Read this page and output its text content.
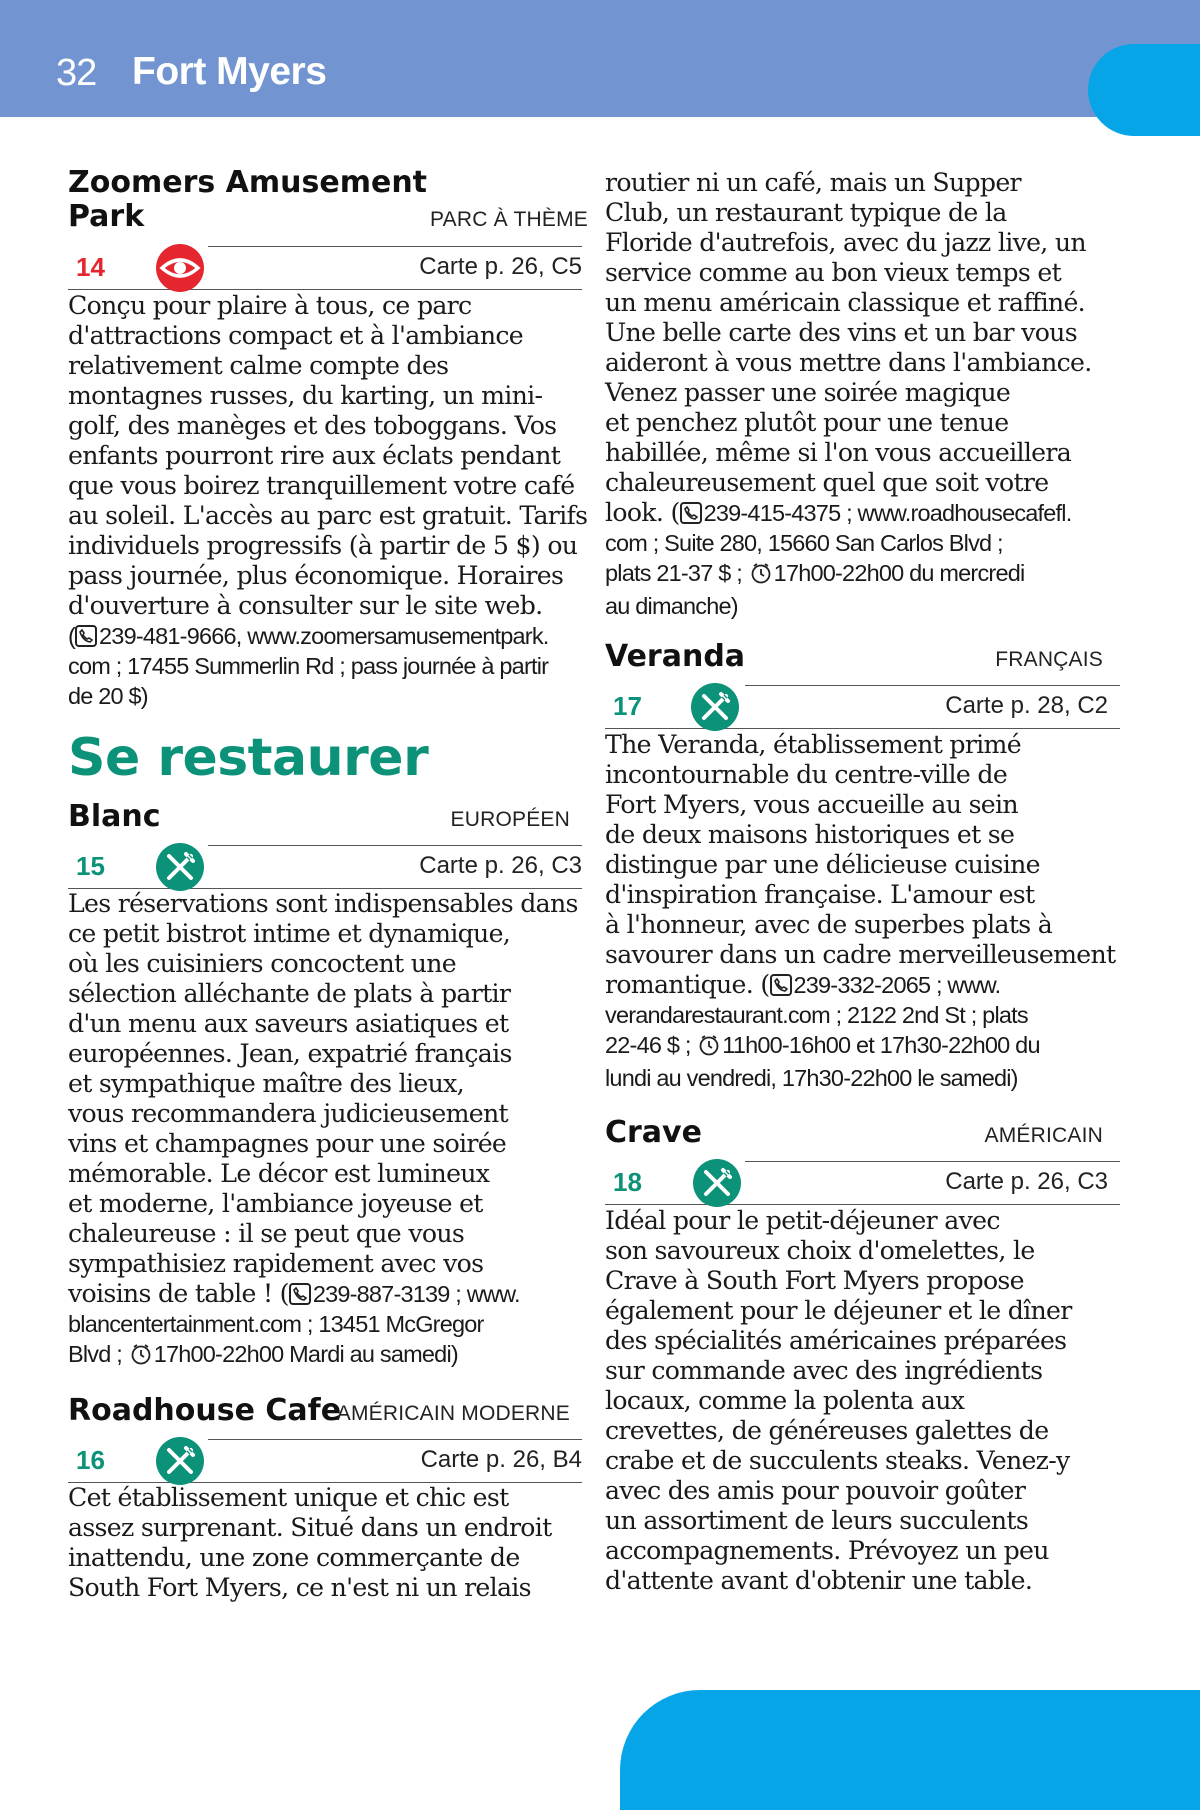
32 Fort Myers
Zoomers Amusement
Park	PARC À THÈME
14	Carte p. 26, C5

Conçu pour plaire à tous, ce parc
d'attractions compact et à l'ambiance
relativement calme compte des
montagnes russes, du karting, un mini-
golf, des manèges et des toboggans. Vos
enfants pourront rire aux éclats pendant
que vous boirez tranquillement votre café
au soleil. L'accès au parc est gratuit. Tarifs
individuels progressifs (à partir de 5 $) ou
pass journée, plus économique. Horaires
d'ouverture à consulter sur le site web.
( 239-481-9666, www.zoomersamusementpark.
com ; 17455 Summerlin Rd ; pass journée à partir
de 20 $)

Se restaurer
Blanc	EUROPÉEN
15	Carte p. 26, C3

Les réservations sont indispensables dans
ce petit bistrot intime et dynamique,
où les cuisiniers concoctent une
sélection alléchante de plats à partir
d'un menu aux saveurs asiatiques et
européennes. Jean, expatrié français
et sympathique maître des lieux,
vous recommandera judicieusement
vins et champagnes pour une soirée
mémorable. Le décor est lumineux
et moderne, l'ambiance joyeuse et
chaleureuse : il se peut que vous
sympathisiez rapidement avec vos
voisins de table ! ( 239-887-3139 ; www.
blancentertainment.com ; 13451 McGregor
Blvd ; 17h00-22h00 Mardi au samedi)

Roadhouse Cafe
AMÉRICAIN MODERNE
16	Carte p. 26, B4

Cet établissement unique et chic est
assez surprenant. Situé dans un endroit
inattendu, une zone commerçante de
South Fort Myers, ce n'est ni un relais

routier ni un café, mais un Supper
Club, un restaurant typique de la
Floride d'autrefois, avec du jazz live, un
service comme au bon vieux temps et
un menu américain classique et raffiné.
Une belle carte des vins et un bar vous
aideront à vous mettre dans l'ambiance.
Venez passer une soirée magique
et penchez plutôt pour une tenue
habillée, même si l'on vous accueillera
chaleureusement quel que soit votre
look. ( 239-415-4375 ; www.roadhousecafefl.
com ; Suite 280, 15660 San Carlos Blvd ;
plats 21-37 $ ; 17h00-22h00 du mercredi
au dimanche)

Veranda	FRANÇAIS
17	Carte p. 28, C2

The Veranda, établissement primé
incontournable du centre-ville de
Fort Myers, vous accueille au sein
de deux maisons historiques et se
distingue par une délicieuse cuisine
d'inspiration française. L'amour est
à l'honneur, avec de superbes plats à
savourer dans un cadre merveilleusement
romantique. ( 239-332-2065 ; www.
verandarestaurant.com ; 2122 2nd St ; plats
22-46 $ ; 11h00-16h00 et 17h30-22h00 du
lundi au vendredi, 17h30-22h00 le samedi)

Crave	AMÉRICAIN
18	Carte p. 26, C3

Idéal pour le petit-déjeuner avec
son savoureux choix d'omelettes, le
Crave à South Fort Myers propose
également pour le déjeuner et le dîner
des spécialités américaines préparées
sur commande avec des ingrédients
locaux, comme la polenta aux
crevettes, de généreuses galettes de
crabe et de succulents steaks. Venez-y
avec des amis pour pouvoir goûter
un assortiment de leurs succulents
accompagnements. Prévoyez un peu
d'attente avant d'obtenir une table.
